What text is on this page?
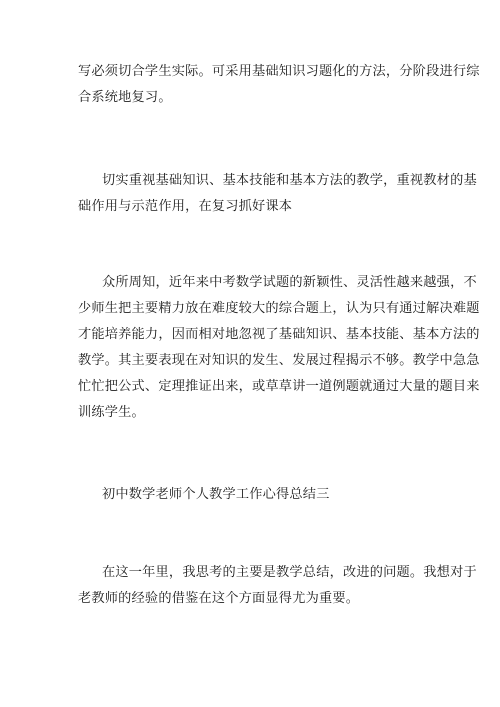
写必须切合学生实际。可采用基础知识习题化的方法，分阶段进行综
合系统地复习。

切实重视基础知识、基本技能和基本方法的教学，重视教材的基
础作用与示范作用，在复习抓好课本

众所周知，近年来中考数学试题的新颖性、灵活性越来越强，不
少师生把主要精力放在难度较大的综合题上，认为只有通过解决难题
才能培养能力，因而相对地忽视了基础知识、基本技能、基本方法的
教学。其主要表现在对知识的发生、发展过程揭示不够。教学中急急
忙忙把公式、定理推证出来，或草草讲一道例题就通过大量的题目来
训练学生。

初中数学老师个人教学工作心得总结三

在这一年里，我思考的主要是教学总结，改进的问题。我想对于
老教师的经验的借鉴在这个方面显得尤为重要。
